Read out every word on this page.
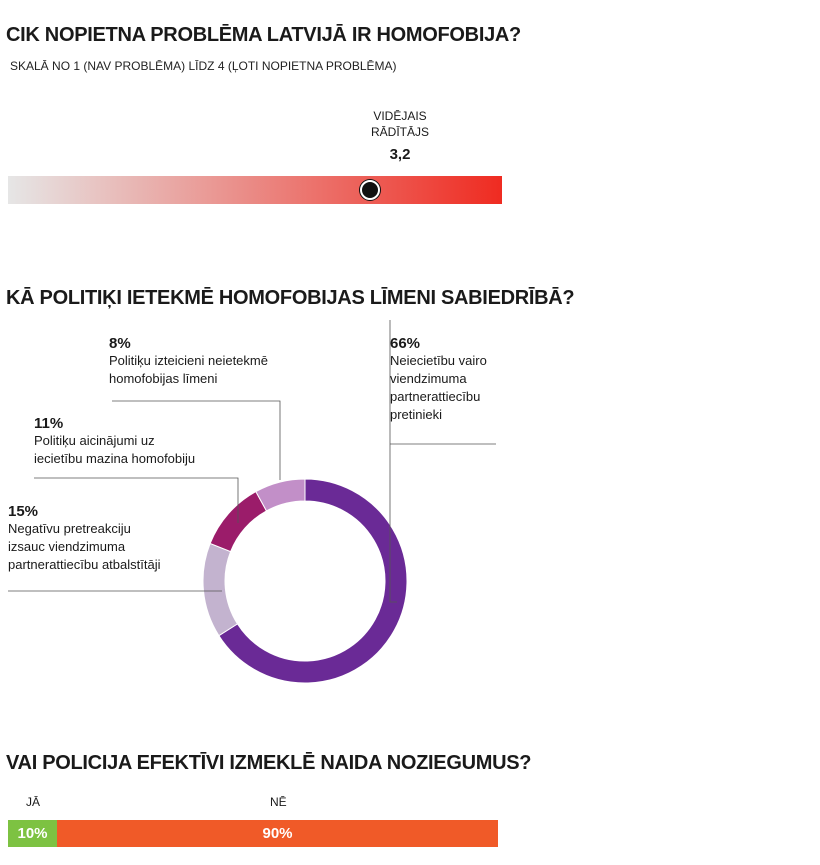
CIK NOPIETNA PROBLĒMA LATVIJĀ IR HOMOFOBIJA?
SKALĀ NO 1 (NAV PROBLĒMA) LĪDZ 4 (ĻOTI NOPIETNA PROBLĒMA)
VIDĒJAIS
RĀDĪTĀJS
3,2
KĀ POLITIĶI IETEKMĒ HOMOFOBIJAS LĪMENI SABIEDRĪBĀ?
8%
Politiķu izteicieni neietekmē
homofobijas līmeni
66%
Neiecietību vairo
viendzimuma
partnerattiecību
pretinieki
11%
Politiķu aicinājumi uz
iecietību mazina homofobiju
15%
Negatīvu pretreakciju
izsauc viendzimuma
partnerattiecību atbalstītāji
VAI POLICIJA EFEKTĪVI IZMEKLĒ NAIDA NOZIEGUMUS?
JĀ	NĒ
10%	90%
